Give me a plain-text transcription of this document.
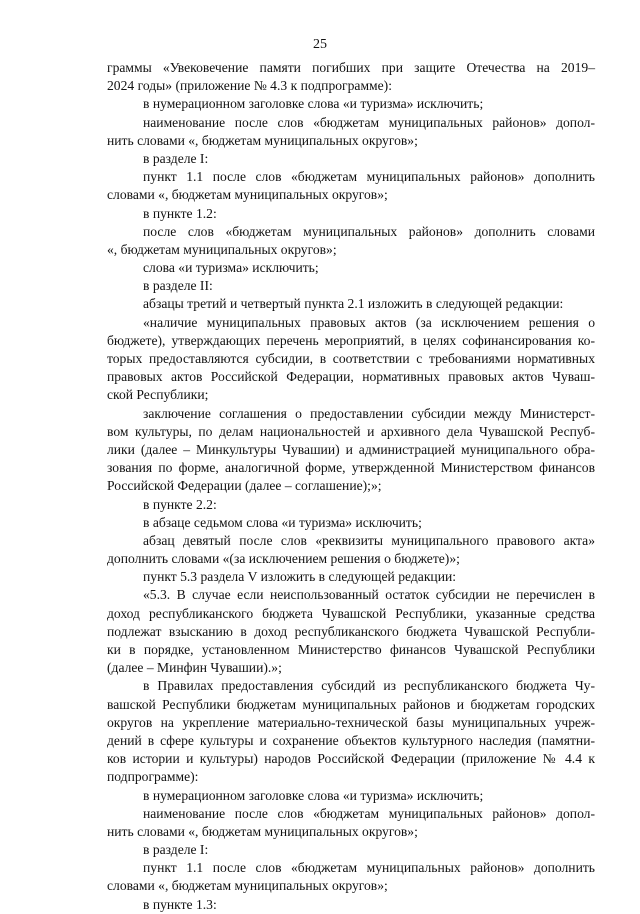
25
граммы «Увековечение памяти погибших при защите Отечества на 2019–
2024 годы» (приложение № 4.3 к подпрограмме):
в нумерационном заголовке слова «и туризма» исключить;
наименование после слов «бюджетам муниципальных районов» допол-
нить словами «, бюджетам муниципальных округов»;
в разделе I:
пункт 1.1 после слов «бюджетам муниципальных районов» дополнить
словами «, бюджетам муниципальных округов»;
в пункте 1.2:
после слов «бюджетам муниципальных районов» дополнить словами
«, бюджетам муниципальных округов»;
слова «и туризма» исключить;
в разделе II:
абзацы третий и четвертый пункта 2.1 изложить в следующей редакции:
«наличие муниципальных правовых актов (за исключением решения о
бюджете), утверждающих перечень мероприятий, в целях софинансирования ко-
торых предоставляются субсидии, в соответствии с требованиями нормативных
правовых актов Российской Федерации, нормативных правовых актов Чуваш-
ской Республики;
заключение соглашения о предоставлении субсидии между Министерст-
вом культуры, по делам национальностей и архивного дела Чувашской Респуб-
лики (далее – Минкультуры Чувашии) и администрацией муниципального обра-
зования по форме, аналогичной форме, утвержденной Министерством финансов
Российской Федерации (далее – соглашение);»;
в пункте 2.2:
в абзаце седьмом слова «и туризма» исключить;
абзац девятый после слов «реквизиты муниципального правового акта»
дополнить словами «(за исключением решения о бюджете)»;
пункт 5.3 раздела V изложить в следующей редакции:
«5.3. В случае если неиспользованный остаток субсидии не перечислен в
доход республиканского бюджета Чувашской Республики, указанные средства
подлежат взысканию в доход республиканского бюджета Чувашской Республи-
ки в порядке, установленном Министерство финансов Чувашской Республики
(далее – Минфин Чувашии).»;
в Правилах предоставления субсидий из республиканского бюджета Чу-
вашской Республики бюджетам муниципальных районов и бюджетам городских
округов на укрепление материально-технической базы муниципальных учреж-
дений в сфере культуры и сохранение объектов культурного наследия (памятни-
ков истории и культуры) народов Российской Федерации (приложение № 4.4 к
подпрограмме):
в нумерационном заголовке слова «и туризма» исключить;
наименование после слов «бюджетам муниципальных районов» допол-
нить словами «, бюджетам муниципальных округов»;
в разделе I:
пункт 1.1 после слов «бюджетам муниципальных районов» дополнить
словами «, бюджетам муниципальных округов»;
в пункте 1.3:
